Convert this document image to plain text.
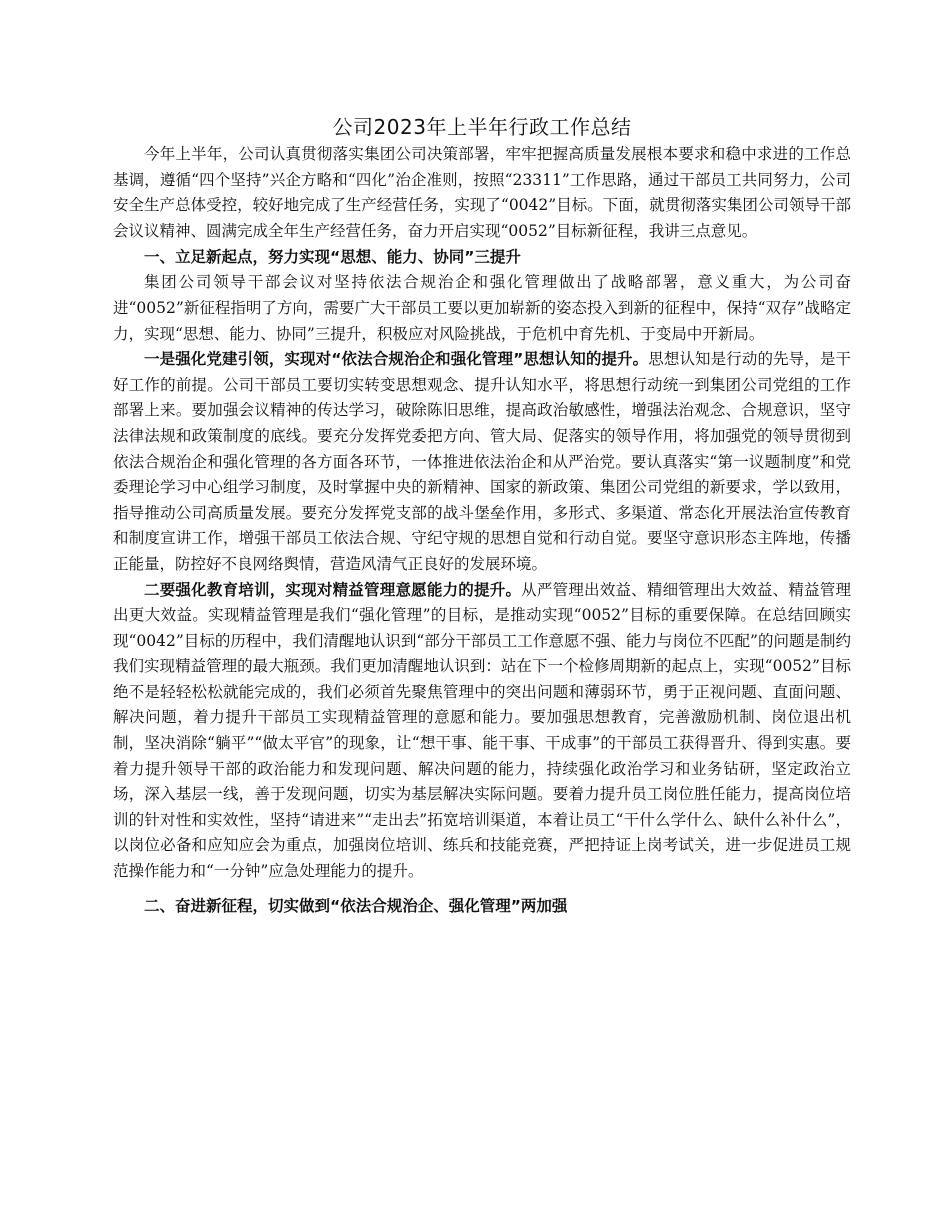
公司2023年上半年行政工作总结

今年上半年，公司认真贯彻落实集团公司决策部署，牢牢把握高质量发展根本要求和稳中求进的工作总基调，遵循“四个坚持”兴企方略和“四化”治企准则，按照“23311”工作思路，通过干部员工共同努力，公司安全生产总体受控，较好地完成了生产经营任务，实现了“0042”目标。下面，就贯彻落实集团公司领导干部会议议精神、圆满完成全年生产经营任务，奋力开启实现“0052”目标新征程，我讲三点意见。

一、立足新起点，努力实现“思想、能力、协同”三提升

集团公司领导干部会议对坚持依法合规治企和强化管理做出了战略部署，意义重大，为公司奋进“0052”新征程指明了方向，需要广大干部员工要以更加崭新的姿态投入到新的征程中，保持“双存”战略定力，实现“思想、能力、协同”三提升，积极应对风险挑战，于危机中育先机、于变局中开新局。

一是强化党建引领，实现对“依法合规治企和强化管理”思想认知的提升。思想认知是行动的先导，是干好工作的前提。公司干部员工要切实转变思想观念、提升认知水平，将思想行动统一到集团公司党组的工作部署上来。要加强会议精神的传达学习，破除陈旧思维，提高政治敏感性，增强法治观念、合规意识，坚守法律法规和政策制度的底线。要充分发挥党委把方向、管大局、促落实的领导作用，将加强党的领导贯彻到依法合规治企和强化管理的各方面各环节，一体推进依法治企和从严治党。要认真落实“第一议题制度”和党委理论学习中心组学习制度，及时掌握中央的新精神、国家的新政策、集团公司党组的新要求，学以致用，指导推动公司高质量发展。要充分发挥党支部的战斗堡垒作用，多形式、多渠道、常态化开展法治宣传教育和制度宣讲工作，增强干部员工依法合规、守纪守规的思想自觉和行动自觉。要坚守意识形态主阵地，传播正能量，防控好不良网络舆情，营造风清气正良好的发展环境。

二要强化教育培训，实现对精益管理意愿能力的提升。从严管理出效益、精细管理出大效益、精益管理出更大效益。实现精益管理是我们“强化管理”的目标，是推动实现“0052”目标的重要保障。在总结回顾实现“0042”目标的历程中，我们清醒地认识到“部分干部员工工作意愿不强、能力与岗位不匹配”的问题是制约我们实现精益管理的最大瓶颈。我们更加清醒地认识到：站在下一个检修周期新的起点上，实现“0052”目标绝不是轻轻松松就能完成的，我们必须首先聚焦管理中的突出问题和薄弱环节，勇于正视问题、直面问题、解决问题，着力提升干部员工实现精益管理的意愿和能力。要加强思想教育，完善激励机制、岗位退出机制，坚决消除“躺平”“做太平官”的现象，让“想干事、能干事、干成事”的干部员工获得晋升、得到实惠。要着力提升领导干部的政治能力和发现问题、解决问题的能力，持续强化政治学习和业务钻研，坚定政治立场，深入基层一线，善于发现问题，切实为基层解决实际问题。要着力提升员工岗位胜任能力，提高岗位培训的针对性和实效性，坚持“请进来”“走出去”拓宽培训渠道，本着让员工“干什么学什么、缺什么补什么”，以岗位必备和应知应会为重点，加强岗位培训、练兵和技能竞赛，严把持证上岗考试关，进一步促进员工规范操作能力和“一分钟”应急处理能力的提升。

二、奋进新征程，切实做到“依法合规治企、强化管理”两加强
